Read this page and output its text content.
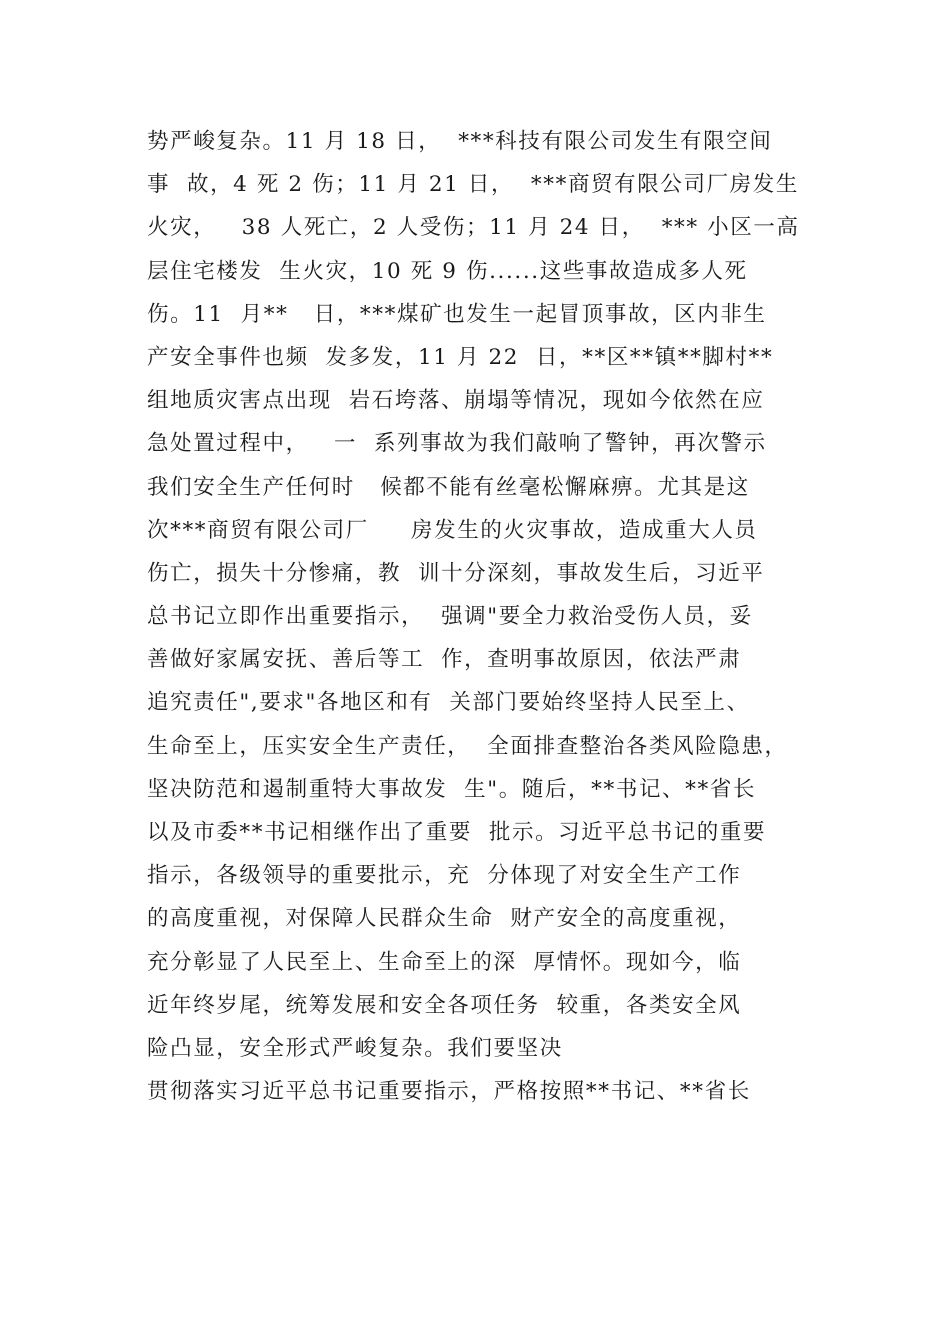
势严峻复杂。11 月 18 日，  ***科技有限公司发生有限空间
事  故，4 死 2 伤；11 月 21 日，  ***商贸有限公司厂房发生
火灾，   38 人死亡，2 人受伤；11 月 24 日，  *** 小区一高
层住宅楼发  生火灾，10 死 9 伤......这些事故造成多人死
伤。11  月**   日，***煤矿也发生一起冒顶事故，区内非生
产安全事件也频  发多发，11 月 22  日，**区**镇**脚村**
组地质灾害点出现  岩石垮落、崩塌等情况，现如今依然在应
急处置过程中，   一  系列事故为我们敲响了警钟，再次警示
我们安全生产任何时   候都不能有丝毫松懈麻痹。尤其是这
次***商贸有限公司厂     房发生的火灾事故，造成重大人员
伤亡，损失十分惨痛，教  训十分深刻，事故发生后，习近平
总书记立即作出重要指示，  强调"要全力救治受伤人员，妥
善做好家属安抚、善后等工  作，查明事故原因，依法严肃
追究责任",要求"各地区和有  关部门要始终坚持人民至上、
生命至上，压实安全生产责任，  全面排查整治各类风险隐患，
坚决防范和遏制重特大事故发  生"。随后，**书记、**省长
以及市委**书记相继作出了重要  批示。习近平总书记的重要
指示，各级领导的重要批示，充  分体现了对安全生产工作
的高度重视，对保障人民群众生命  财产安全的高度重视，
充分彰显了人民至上、生命至上的深  厚情怀。现如今，临
近年终岁尾，统筹发展和安全各项任务  较重，各类安全风
险凸显，安全形式严峻复杂。我们要坚决
贯彻落实习近平总书记重要指示，严格按照**书记、**省长
